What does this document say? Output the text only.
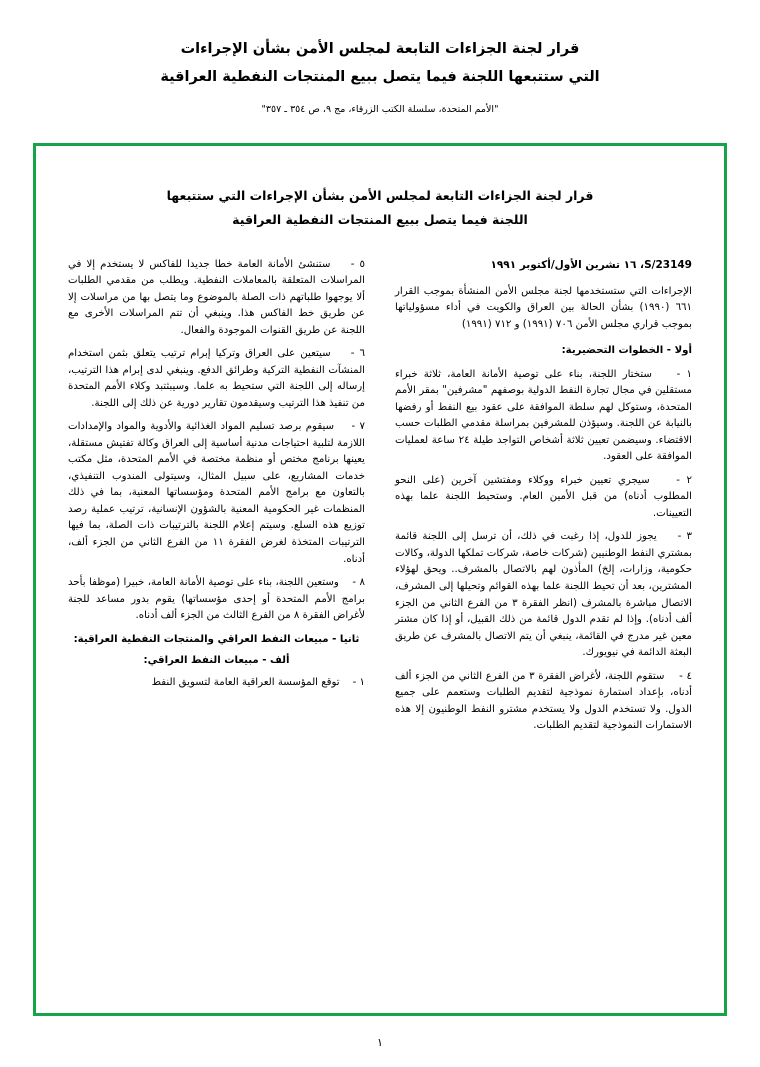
قرار لجنة الجزاءات التابعة لمجلس الأمن بشأن الإجراءات
التي ستتبعها اللجنة فيما يتصل ببيع المنتجات النفطية العراقية
"الأمم المتحدة، سلسلة الكتب الزرقاء، مج ٩، ص ٣٥٤ ـ ٣٥٧"
قرار لجنة الجزاءات التابعة لمجلس الأمن بشأن الإجراءات التي ستتبعها
اللجنة فيما يتصل ببيع المنتجات النفطية العراقية
S/23149، ١٦ تشرين الأول/أكتوبر ١٩٩١

الإجراءات التي ستستخدمها لجنة مجلس الأمن المنشأة بموجب القرار ٦٦١ (١٩٩٠) بشأن الحالة بين العراق والكويت في أداء مسؤولياتها بموجب قراري مجلس الأمن ٧٠٦ (١٩٩١) و ٧١٢ (١٩٩١)

أولا - الخطوات التحضيرية:

١ -    ستختار اللجنة، بناء على توصية الأمانة العامة، ثلاثة خبراء مستقلين في مجال تجارة النفط الدولية بوصفهم "مشرفين" بمقر الأمم المتحدة، وستوكل لهم سلطة الموافقة على عقود بيع النفط أو رفضها بالنيابة عن اللجنة. وسيؤذن للمشرفين بمراسلة مقدمي الطلبات حسب الاقتضاء. وسيضمن تعيين ثلاثة أشخاص التواجد طيلة ٢٤ ساعة لعمليات الموافقة على العقود.

٢ -    سيجري تعيين خبراء ووكلاء ومفتشين آخرين (على النحو المطلوب أدناه) من قبل الأمين العام. وستحيط اللجنة علما بهذه التعيينات.

٣ -    يجوز للدول، إذا رغبت في ذلك، أن ترسل إلى اللجنة قائمة بمشتري النفط الوطنيين (شركات خاصة، شركات تملكها الدولة، وكالات حكومية، وزارات، إلخ) المأذون لهم بالاتصال بالمشرف.. ويحق لهؤلاء المشترين، بعد أن تحيط اللجنة علما بهذه القوائم وتحيلها إلى المشرف، الاتصال مباشرة بالمشرف (انظر الفقرة ٣ من الفرع الثاني من الجزء ألف أدناه). وإذا لم تقدم الدول قائمة من ذلك القبيل، أو إذا كان مشتر معين غير مدرج في القائمة، ينبغي أن يتم الاتصال بالمشرف عن طريق البعثة الدائمة في نيويورك.

٤ -    ستقوم اللجنة، لأغراض الفقرة ٣ من الفرع الثاني من الجزء ألف أدناه، بإعداد استمارة نموذجية لتقديم الطلبات وستعمم على جميع الدول. ولا تستخدم الدول ولا يستخدم مشترو النفط الوطنيون إلا هذه الاستمارات النموذجية لتقديم الطلبات.

٥ -    ستنشئ الأمانة العامة خطا جديدا للفاكس لا يستخدم إلا في المراسلات المتعلقة بالمعاملات النفطية. ويطلب من مقدمي الطلبات ألا يوجهوا طلباتهم ذات الصلة بالموضوع وما يتصل بها من مراسلات إلا عن طريق خط الفاكس هذا. وينبغي أن تتم المراسلات الأخرى مع اللجنة عن طريق القنوات الموجودة والفعال.

٦ -    سيتعين على العراق وتركيا إبرام ترتيب يتعلق بثمن استخدام المنشآت النفطية التركية وطرائق الدفع. وينبغي لدى إبرام هذا الترتيب، إرساله إلى اللجنة التي ستحيط به علما. وسيبثتبد وكلاء الأمم المتحدة من تنفيذ هذا الترتيب وسيقدمون تقارير دورية عن ذلك إلى اللجنة.

٧ -    سيقوم برصد تسليم المواد الغذائية والأدوية والمواد والإمدادات اللازمة لتلبية احتياجات مدنية أساسية إلى العراق وكالة تفتيش مستقلة، يعينها برنامج مختص أو منظمة مختصة في الأمم المتحدة، مثل مكتب خدمات المشاريع، على سبيل المثال، وسيتولى المندوب التنفيذي، بالتعاون مع برامج الأمم المتحدة ومؤسساتها المعنية، بما في ذلك المنظمات غير الحكومية المعنية بالشؤون الإنسانية، ترتيب عملية رصد توزيع هذه السلع. وسيتم إعلام اللجنة بالترتيبات ذات الصلة، بما فيها الترتيبات المتخذة لغرض الفقرة ١١ من الفرع الثاني من الجزء ألف، أدناه.

٨ -    وستعين اللجنة، بناء على توصية الأمانة العامة، خبيرا (موظفا بأحد برامج الأمم المتحدة أو إحدى مؤسساتها) يقوم بدور مساعد للجنة لأغراض الفقرة ٨ من الفرع الثالث من الجزء ألف أدناه.

ثانيا - مبيعات النفط العراقي والمنتجات النفطية العراقية:
ألف - مبيعات النفط العراقي:

١ -    توقع المؤسسة العراقية العامة لتسويق النفط

١
